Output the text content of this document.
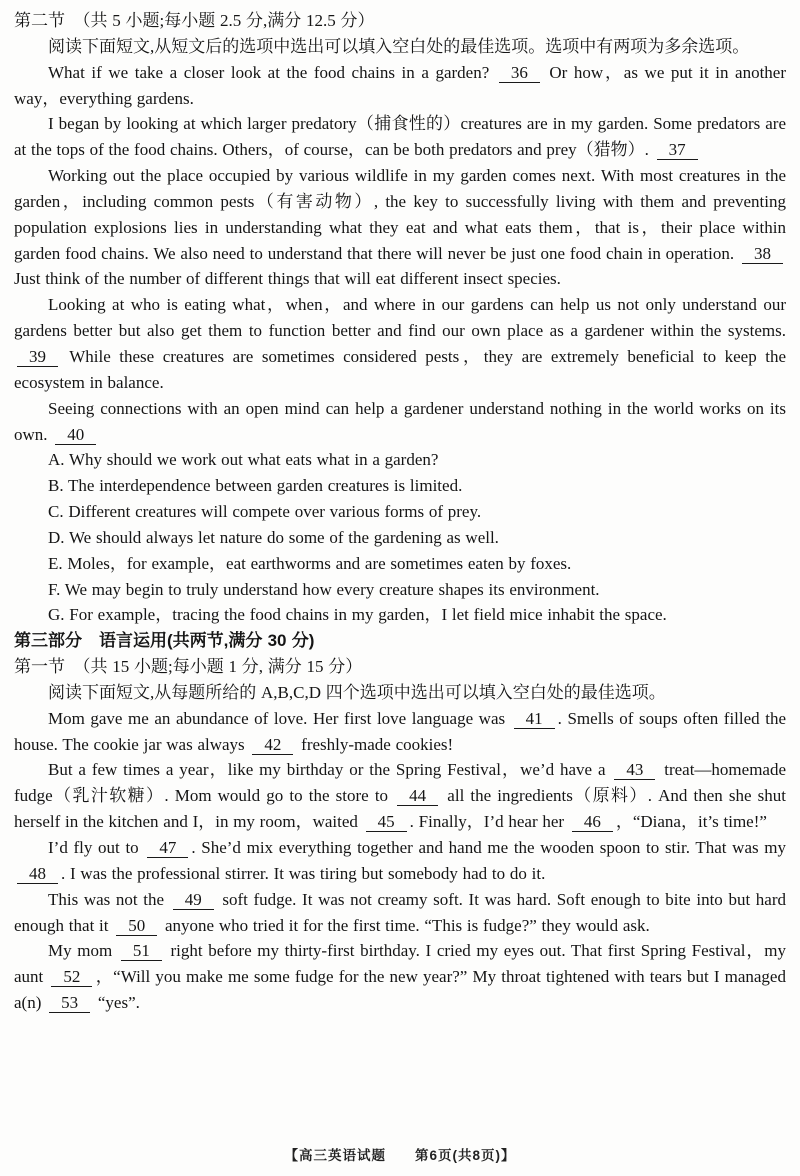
第二节　（共 5 小题;每小题 2.5 分,满分 12.5 分）

阅读下面短文,从短文后的选项中选出可以填入空白处的最佳选项。选项中有两项为多余选项。

What if we take a closer look at the food chains in a garden? 36 Or how，as we put it in another way，everything gardens.

I began by looking at which larger predatory（捕食性的）creatures are in my garden. Some predators are at the tops of the food chains. Others，of course，can be both predators and prey（猎物）. 37

Working out the place occupied by various wildlife in my garden comes next. With most creatures in the garden，including common pests（有害动物）, the key to successfully living with them and preventing population explosions lies in understanding what they eat and what eats them，that is，their place within garden food chains. We also need to understand that there will never be just one food chain in operation. 38 Just think of the number of different things that will eat different insect species.

Looking at who is eating what，when，and where in our gardens can help us not only understand our gardens better but also get them to function better and find our own place as a gardener within the systems. 39 While these creatures are sometimes considered pests，they are extremely beneficial to keep the ecosystem in balance.

Seeing connections with an open mind can help a gardener understand nothing in the world works on its own. 40

A. Why should we work out what eats what in a garden?

B. The interdependence between garden creatures is limited.

C. Different creatures will compete over various forms of prey.

D. We should always let nature do some of the gardening as well.

E. Moles，for example，eat earthworms and are sometimes eaten by foxes.

F. We may begin to truly understand how every creature shapes its environment.

G. For example，tracing the food chains in my garden，I let field mice inhabit the space.

第三部分　语言运用(共两节,满分 30 分)

第一节　（共 15 小题;每小题 1 分, 满分 15 分）

阅读下面短文,从每题所给的 A,B,C,D 四个选项中选出可以填入空白处的最佳选项。

Mom gave me an abundance of love. Her first love language was 41 . Smells of soups often filled the house. The cookie jar was always 42 freshly-made cookies!

But a few times a year，like my birthday or the Spring Festival，we’d have a 43 treat—homemade fudge（乳汁软糖）. Mom would go to the store to 44 all the ingredients（原料）. And then she shut herself in the kitchen and I，in my room，waited 45 . Finally，I’d hear her 46 ，“Diana，it’s time!”

I’d fly out to 47 . She’d mix everything together and hand me the wooden spoon to stir. That was my 48 . I was the professional stirrer. It was tiring but somebody had to do it.

This was not the 49 soft fudge. It was not creamy soft. It was hard. Soft enough to bite into but hard enough that it 50 anyone who tried it for the first time. “This is fudge?” they would ask.

My mom 51 right before my thirty-first birthday. I cried my eyes out. That first Spring Festival，my aunt 52 ，“Will you make me some fudge for the new year?” My throat tightened with tears but I managed a(n) 53 “yes”.

【高三英语试题　　第6页(共8页)】
